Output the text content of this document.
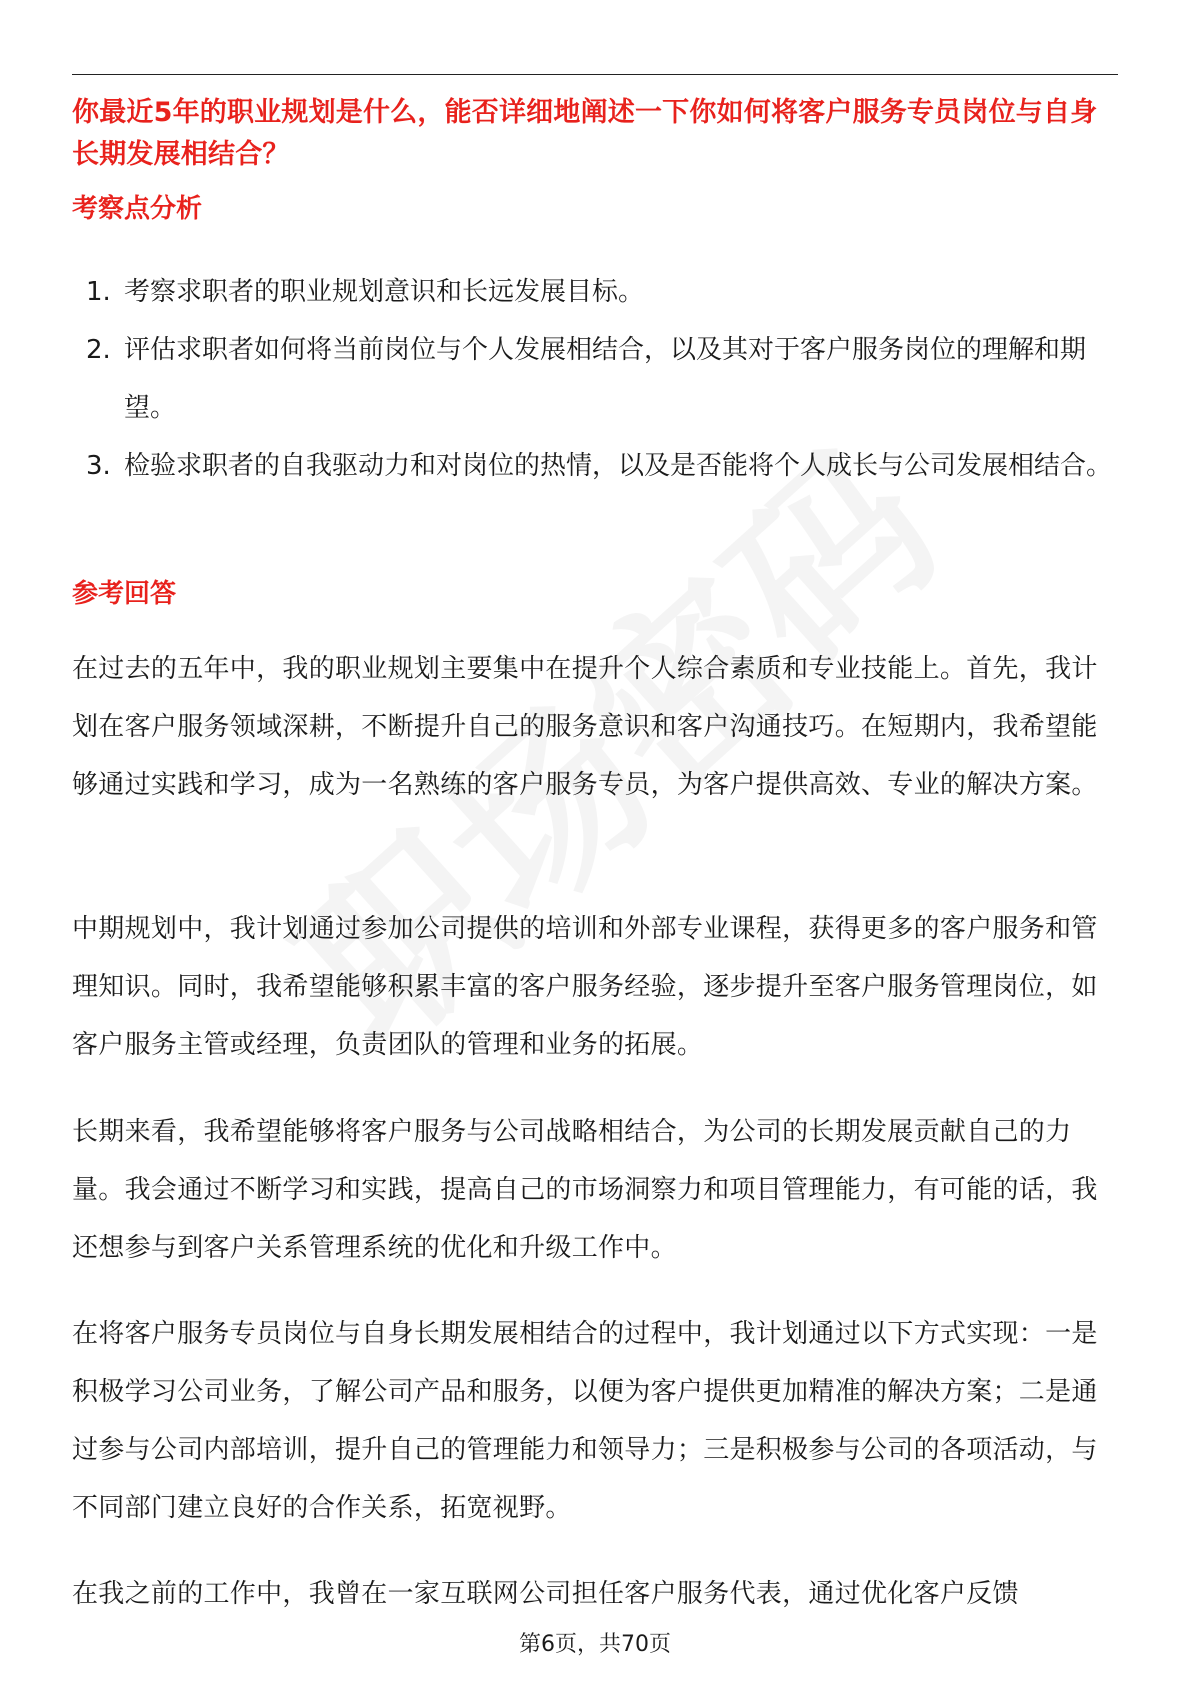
你最近5年的职业规划是什么，能否详细地阐述一下你如何将客户服务专员岗位与自身长期发展相结合？

考察点分析
1. 考察求职者的职业规划意识和长远发展目标。
2. 评估求职者如何将当前岗位与个人发展相结合，以及其对于客户服务岗位的理解和期望。
3. 检验求职者的自我驱动力和对岗位的热情，以及是否能将个人成长与公司发展相结合。
参考回答

在过去的五年中，我的职业规划主要集中在提升个人综合素质和专业技能上。首先，我计划在客户服务领域深耕，不断提升自己的服务意识和客户沟通技巧。在短期内，我希望能够通过实践和学习，成为一名熟练的客户服务专员，为客户提供高效、专业的解决方案。

中期规划中，我计划通过参加公司提供的培训和外部专业课程，获得更多的客户服务和管理知识。同时，我希望能够积累丰富的客户服务经验，逐步提升至客户服务管理岗位，如客户服务主管或经理，负责团队的管理和业务的拓展。

长期来看，我希望能够将客户服务与公司战略相结合，为公司的长期发展贡献自己的力量。我会通过不断学习和实践，提高自己的市场洞察力和项目管理能力，有可能的话，我还想参与到客户关系管理系统的优化和升级工作中。

在将客户服务专员岗位与自身长期发展相结合的过程中，我计划通过以下方式实现：一是积极学习公司业务，了解公司产品和服务，以便为客户提供更加精准的解决方案；二是通过参与公司内部培训，提升自己的管理能力和领导力；三是积极参与公司的各项活动，与不同部门建立良好的合作关系，拓宽视野。

在我之前的工作中，我曾在一家互联网公司担任客户服务代表，通过优化客户反馈

第6页，共70页
